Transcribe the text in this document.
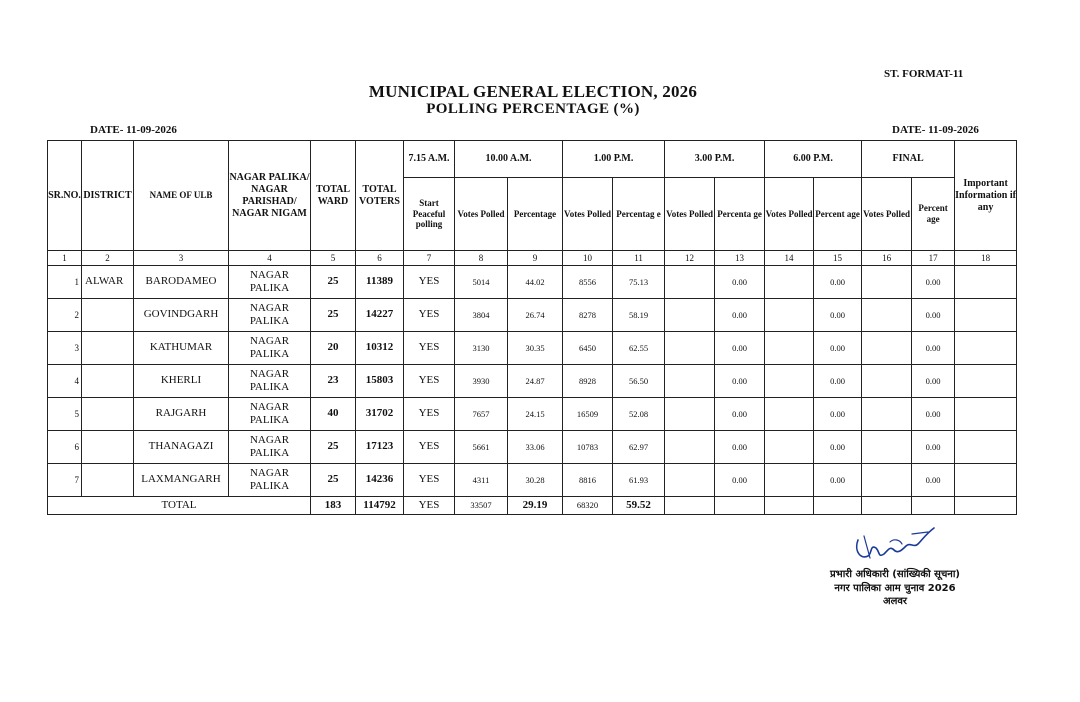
ST. FORMAT-11
MUNICIPAL GENERAL ELECTION, 2026
POLLING PERCENTAGE (%)
DATE- 11-09-2026	DATE- 11-09-2026
SR.NO.	DISTRICT	NAME OF ULB	NAGAR PALIKA/ NAGAR PARISHAD/ NAGAR NIGAM	TOTAL WARD	TOTAL VOTERS	7.15 A.M.	10.00 A.M.		1.00 P.M.		3.00 P.M.		6.00 P.M.		FINAL		Important Information if any
						Start Peaceful polling	Votes Polled	Percentage	Votes Polled	Percentag e	Votes Polled	Percenta ge	Votes Polled	Percent age	Votes Polled	Percent age	
1	2	3	4	5	6	7	8	9	10	11	12	13	14	15	16	17	18
1	ALWAR	BARODAMEO	NAGAR PALIKA	25	11389	YES	5014	44.02	8556	75.13		0.00		0.00		0.00	
2		GOVINDGARH	NAGAR PALIKA	25	14227	YES	3804	26.74	8278	58.19		0.00		0.00		0.00	
3		KATHUMAR	NAGAR PALIKA	20	10312	YES	3130	30.35	6450	62.55		0.00		0.00		0.00	
4		KHERLI	NAGAR PALIKA	23	15803	YES	3930	24.87	8928	56.50		0.00		0.00		0.00	
5		RAJGARH	NAGAR PALIKA	40	31702	YES	7657	24.15	16509	52.08		0.00		0.00		0.00	
6		THANAGAZI	NAGAR PALIKA	25	17123	YES	5661	33.06	10783	62.97		0.00		0.00		0.00	
7		LAXMANGARH	NAGAR PALIKA	25	14236	YES	4311	30.28	8816	61.93		0.00		0.00		0.00	
TOTAL				183	114792	YES	33507	29.19	68320	59.52							
प्रभारी अधिकारी (सांख्यिकी सूचना)
नगर पालिका आम चुनाव 2026
अलवर
